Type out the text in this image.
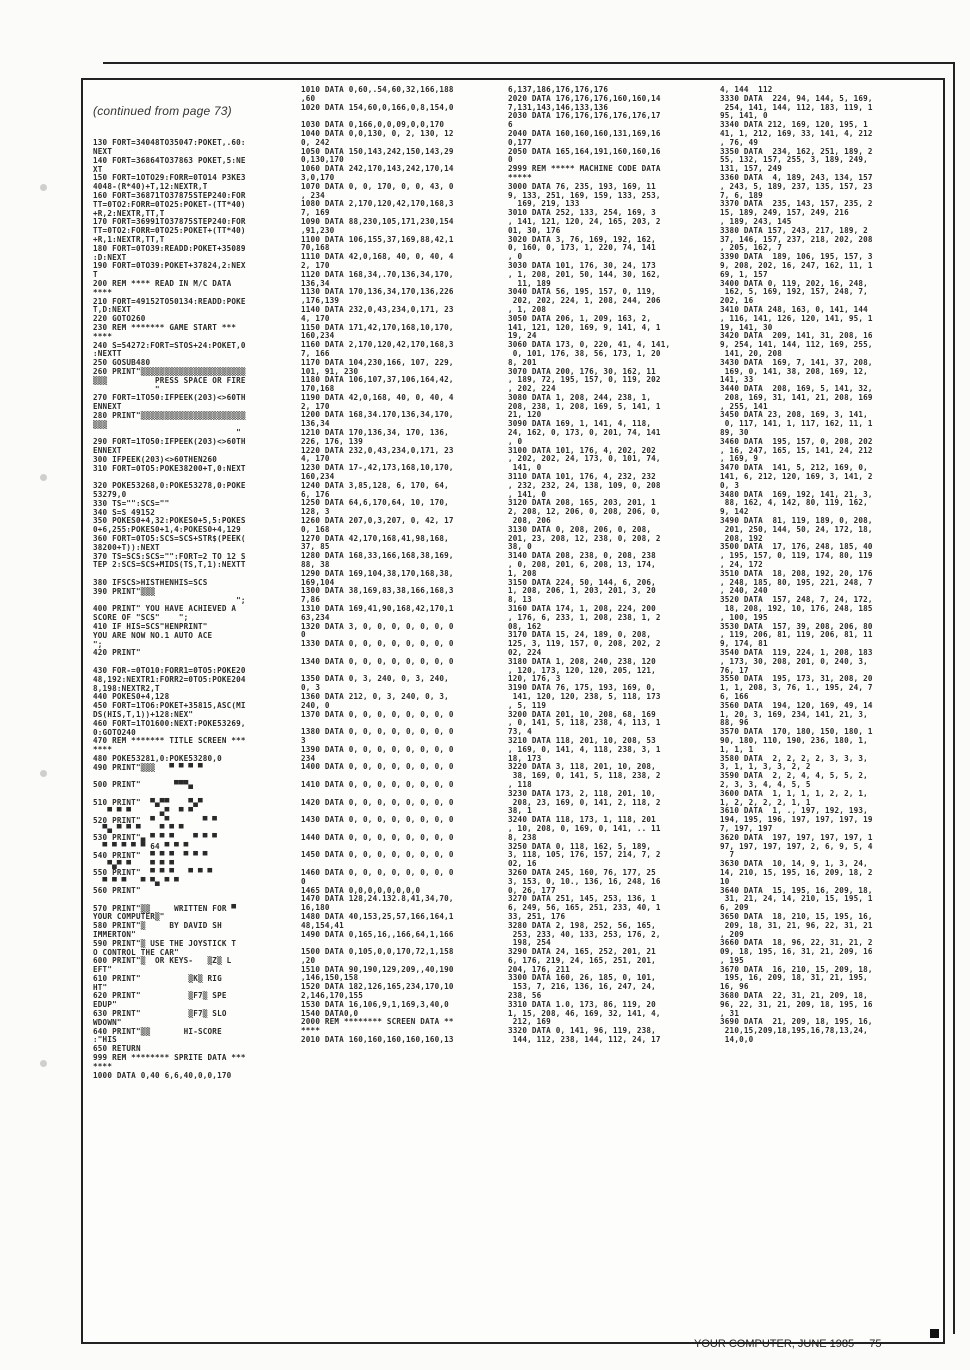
(continued from page 73)

130 FORT=34048TO35047:POKET,.60:
NEXT
140 FORT=36864TO37863 POKET,5:NE
XT
150 FORT=1OTO29:FORR=0TO14 P3KE3
4048-(R*40)+T,12:NEXTR,T
160 FORT=36871TO37875STEP240:FOR
TT=0TO2:FORR=0TO25:POKET-(TT*40)
+R,2:NEXTR,TT,T
170 FORT=36991TO37875STEP240:FOR
TT=0TO2:FORR=0TO25:POKET+(TT*40)
+R,1:NEXTR,TT,T
180 FORT=0TO39:READD:POKET+35089
:D:NEXT
190 FORT=0TO39:POKET+37824,2:NEX
T
200 REM **** READ IN M/C DATA
****
210 FORT=49152TO50134:READD:POKE
T,D:NEXT
220 GOTO260
230 REM ******* GAME START ***
****
240 S=54272:FORT=STOS+24:POKET,0
:NEXTT
250 GOSUB480
260 PRINT"▒▒▒▒▒▒▒▒▒▒▒▒▒▒▒▒▒▒▒▒▒▒
▒▒▒          PRESS SPACE OR FIRE
"
270 FORT=1TO50:IFPEEK(203)<>60TH
ENNEXT
280 PRINT"▒▒▒▒▒▒▒▒▒▒▒▒▒▒▒▒▒▒▒▒▒▒
▒▒▒
"
290 FORT=1TO50:IFPEEK(203)<>60TH
ENNEXT
300 IFPEEK(203)<>60THEN260
310 FORT=0TO5:POKE38200+T,0:NEXT

320 POKE53268,0:POKE53278,0:POKE
53279,0
330 TS="":SCS=""
340 S=S 49152
350 POKES0+4,32:POKES0+5,5:POKES
0+6,255:POKES0+1,4:POKES0+4,129
360 FORT=0TO5:SCS=SCS+STR$(PEEK(
38200+T)):NEXT
370 TS=SCS:SCS="":FORT=2 TO 12 S
TEP 2:SCS=SCS+MIDS(TS,T,1):NEXTT

380 IFSCS>HISTHENHIS=SCS
390 PRINT"▒▒▒
";
400 PRINT" YOU HAVE ACHIEVED A
SCORE OF "SCS"    ";
410 IF HIS=SCS"HENPRINT"
YOU ARE NOW NO.1 AUTO ACE
";
420 PRINT"

430 FOR-=0TO10:FORR1=0TO5:POKE20
48,192:NEXTR1:FORR2=0TO5:POKE204
8,198:NEXTR2,T
440 POKES0+4,128
450 FORT=1TO6:POKET+35815,ASC(MI
DS(HIS,T,1))+128:NEX"
460 FORT=1TO1600:NEXT:POKE53269,
0:GOTO240
470 REM ******* TITLE SCREEN ***
****
480 POKE53281,0:POKE53280,0
490 PRINT"▒▒▒   ▀ ▀ ▀ ▀

500 PRINT"       ▀▀▀▄

510 PRINT"  ▀▄▀▀    ▀▄▀
▀ ▀ ▀      ▄▀  ▀ ▀
520 PRINT"  ▀  ▀       ▀ ▀
▀▄ ▀ ▀ ▀    ▀ ▀ ▀
530 PRINT"▄ ▀ ▀ ▀    ▀ ▀ ▀
▀ ▀ ▀ ▀ ▀ 64 ▀ ▀ ▀
540 PRINT"  ▀ ▀ ▀  ▀ ▀ ▀
▀▄▀ ▀    ▀ ▀ ▀
550 PRINT"  ▀ ▀ ▀   ▀ ▀ ▀
▀ ▀ ▀   ▀ ▀▄ ▀ ▀
560 PRINT"

570 PRINT"▒▒     WRITTEN FOR ▀
YOUR COMPUTER▒"
580 PRINT"▒     BY DAVID SH
IMMERTON"
590 PRINT"▒ USE THE JOYSTICK T
O CONTROL THE CAR"
600 PRINT"▒  OR KEYS-   ▒Z▒ L
EFT"
610 PRINT"          ▒K▒ RIG
HT"
620 PRINT"          ▒F7▒ SPE
EDUP"
630 PRINT"          ▒F7▒ SLO
WDOWN"
640 PRINT"▒▒       HI-SCORE
:"HIS
650 RETURN
999 REM ******** SPRITE DATA ***
****
1000 DATA 0,40 6,6,40,0,0,170
1010 DATA 0,60,.54,60,32,166,188
,60
1020 DATA 154,60,0,166,0,8,154,0

1030 DATA 0,166,0,0,09,0,0,170
1040 DATA 0,0,130, 0, 2, 130, 12
0, 242
1050 DATA 150,143,242,150,143,29
0,130,170
1060 DATA 242,170,143,242,170,14
3,0,170
1070 DATA 0, 0, 170, 0, 0, 43, 0
, 234
1080 DATA 2,170,120,42,170,168,3
7, 169
1090 DATA 88,230,105,171,230,154
,91,230
1100 DATA 106,155,37,169,88,42,1
70,168
1110 DATA 42,0,168, 40, 0, 40, 4
2, 170
1120 DATA 168,34,.70,136,34,170,
136,34
1130 DATA 170,136,34,170,136,226
,176,139
1140 DATA 232,0,43,234,0,171, 23
4, 170
1150 DATA 171,42,170,168,10,170,
160,234
1160 DATA 2,170,120,42,170,168,3
7, 166
1170 DATA 104,230,166, 107, 229,
101, 91, 230
1180 DATA 106,107,37,106,164,42,
170,168
1190 DATA 42,0,168, 40, 0, 40, 4
2, 170
1200 DATA 168,34.170,136,34,170,
136,34
1210 DATA 170,136,34, 170, 136,
226, 176, 139
1220 DATA 232,0,43,234,0,171, 23
4, 170
1230 DATA 17-,42,173,168,10,170,
160,234
1240 DATA 3,85,128, 6, 170, 64,
6, 176
1250 DATA 64,6,170,64, 10, 170,
128, 3
1260 DATA 207,0,3,207, 0, 42, 17
0, 168
1270 DATA 42,170,168,41,98,168,
37, 85
1280 DATA 168,33,166,168,38,169,
88, 38
1290 DATA 169,104,38,170,168,38,
169,104
1300 DATA 38,169,83,38,166,168,3
7,86
1310 DATA 169,41,90,168,42,170,1
63,234
1320 DATA 3, 0, 0, 0, 0, 0, 0, 0
0
1330 DATA 0, 0, 0, 0, 0, 0, 0, 0

1340 DATA 0, 0, 0, 0, 0, 0, 0, 0

1350 DATA 0, 3, 240, 0, 3, 240,
0, 3
1360 DATA 212, 0, 3, 240, 0, 3,
240, 0
1370 DATA 0, 0, 0, 0, 0, 0, 0, 0

1380 DATA 0, 0, 0, 0, 0, 0, 0, 0
3
1390 DATA 0, 0, 0, 0, 0, 0, 0, 0
234
1400 DATA 0, 0, 0, 0, 0, 0, 0, 0

1410 DATA 0, 0, 0, 0, 0, 0, 0, 0

1420 DATA 0, 0, 0, 0, 0, 0, 0, 0

1430 DATA 0, 0, 0, 0, 0, 0, 0, 0

1440 DATA 0, 0, 0, 0, 0, 0, 0, 0

1450 DATA 0, 0, 0, 0, 0, 0, 0, 0

1460 DATA 0, 0, 0, 0, 0, 0, 0, 0
0
1465 DATA 0,0,0,0,0,0,0,0
1470 DATA 128,24.132.8,41,34,70,
16,180
1480 DATA 40,153,25,57,166,164,1
48,154,41
1490 DATA 0,165,16,,166,64,1,166

1500 DATA 0,105,0,0,170,72,1,158
,20
1510 DATA 90,190,129,209,,40,190
,146,150,158
1520 DATA 182,126,165,234,170,10
2,146,170,155
1530 DATA 16,106,9,1,169,3,40,0
1540 DATA0,0
2000 REM ******** SCREEN DATA **
****
2010 DATA 160,160,160,160,160,13
6,137,186,176,176,176
2020 DATA 176,176,176,160,160,14
7,131,143,146,133,136
2030 DATA 176,176,176,176,176,17
6
2040 DATA 160,160,160,131,169,16
0,177
2050 DATA 165,164,191,160,160,16
0
2999 REM ***** MACHINE CODE DATA
*****
3000 DATA 76, 235, 193, 169, 11
9, 133, 251, 169, 159, 133, 253,
169, 219, 133
3010 DATA 252, 133, 254, 169, 3
, 141, 121, 120, 24, 165, 203, 2
01, 30, 176
3020 DATA 3, 76, 169, 192, 162,
0, 160, 0, 173, 1, 220, 74, 141
, 0
3030 DATA 101, 176, 30, 24, 173
, 1, 208, 201, 50, 144, 30, 162,
11, 189
3040 DATA 56, 195, 157, 0, 119,
202, 202, 224, 1, 208, 244, 206
, 1, 208
3050 DATA 206, 1, 209, 163, 2,
141, 121, 120, 169, 9, 141, 4, 1
19, 24
3060 DATA 173, 0, 220, 41, 4, 141,
0, 101, 176, 38, 56, 173, 1, 20
8, 201
3070 DATA 200, 176, 30, 162, 11
, 189, 72, 195, 157, 0, 119, 202
, 202, 224
3080 DATA 1, 208, 244, 238, 1,
208, 238, 1, 208, 169, 5, 141, 1
21, 120
3090 DATA 169, 1, 141, 4, 118,
24, 162, 0, 173, 0, 201, 74, 141
, 0
3100 DATA 101, 176, 4, 202, 202
, 202, 202, 24, 173, 0, 101, 74,
141, 0
3110 DATA 101, 176, 4, 232, 232
, 232, 232, 24, 138, 109, 0, 208
, 141, 0
3120 DATA 208, 165, 203, 201, 1
2, 208, 12, 206, 0, 208, 206, 0,
208, 206
3130 DATA 0, 208, 206, 0, 208,
201, 23, 208, 12, 238, 0, 208, 2
38, 0
3140 DATA 208, 238, 0, 208, 238
, 0, 208, 201, 6, 208, 13, 174,
1, 208
3150 DATA 224, 50, 144, 6, 206,
1, 208, 206, 1, 203, 201, 3, 20
8, 13
3160 DATA 174, 1, 208, 224, 200
, 176, 6, 233, 1, 208, 238, 1, 2
08, 162
3170 DATA 15, 24, 189, 0, 208,
125, 3, 119, 157, 0, 208, 202, 2
02, 224
3180 DATA 1, 208, 240, 238, 120
, 120, 173, 120, 120, 205, 121,
120, 176, 3
3190 DATA 76, 175, 193, 169, 0,
141, 120, 120, 238, 5, 118, 173
, 5, 119
3200 DATA 201, 10, 208, 68, 169
, 0, 141, 5, 118, 238, 4, 113, 1
73, 4
3210 DATA 118, 201, 10, 208, 53
, 169, 0, 141, 4, 118, 238, 3, 1
18, 173
3220 DATA 3, 118, 201, 10, 208,
38, 169, 0, 141, 5, 118, 238, 2
, 118
3230 DATA 173, 2, 118, 201, 10,
208, 23, 169, 0, 141, 2, 118, 2
38, 1
3240 DATA 118, 173, 1, 118, 201
, 10, 208, 0, 169, 0, 141, .. 11
8, 238
3250 DATA 0, 118, 162, 5, 189,
3, 118, 105, 176, 157, 214, 7, 2
02, 16
3260 DATA 245, 160, 76, 177, 25
3, 153, 0, 10., 136, 16, 248, 16
0, 26, 177
3270 DATA 251, 145, 253, 136, 1
6, 249, 56, 165, 251, 233, 40, 1
33, 251, 176
3280 DATA 2, 198, 252, 56, 165,
253, 233, 40, 133, 253, 176, 2,
198, 254
3290 DATA 24, 165, 252, 201, 21
6, 176, 219, 24, 165, 251, 201,
204, 176, 211
3300 DATA 160, 26, 185, 0, 101,
153, 7, 216, 136, 16, 247, 24,
238, 56
3310 DATA 1.0, 173, 86, 119, 20
1, 15, 208, 46, 169, 32, 141, 4,
212, 169
3320 DATA 0, 141, 96, 119, 238,
144, 112, 238, 144, 112, 24, 17
4, 144  112
3330 DATA  224, 94, 144, 5, 169,
254, 141, 144, 112, 183, 119, 1
95, 141, 0
3340 DATA 212, 169, 120, 195, 1
41, 1, 212, 169, 33, 141, 4, 212
, 76, 49
3350 DATA  234, 162, 251, 189, 2
55, 132, 157, 255, 3, 189, 249,
131, 157, 249
3360 DATA  4, 189, 243, 134, 157
, 243, 5, 189, 237, 135, 157, 23
7, 6, 189
3370 DATA  235, 143, 157, 235, 2
15, 189, 249, 157, 249, 216
, 189, 243, 145
3380 DATA 157, 243, 217, 189, 2
37, 146, 157, 237, 218, 202, 208
, 205, 162, 7
3390 DATA  189, 106, 195, 157, 3
9, 208, 202, 16, 247, 162, 11, 1
69, 1, 157
3400 DATA 0, 119, 202, 16, 248,
162, 5, 169, 192, 157, 248, 7,
202, 16
3410 DATA 248, 163, 0, 141, 144
, 116, 141, 126, 120, 141, 95, 1
19, 141, 30
3420 DATA  209, 141, 31, 208, 16
9, 254, 141, 144, 112, 169, 255,
141, 20, 208
3430 DATA  169, 7, 141, 37, 208,
169, 0, 141, 38, 208, 169, 12,
141, 33
3440 DATA  208, 169, 5, 141, 32,
208, 169, 31, 141, 21, 208, 169
, 255, 141
3450 DATA 23, 208, 169, 3, 141,
0, 117, 141, 1, 117, 162, 11, 1
89, 30
3460 DATA  195, 157, 0, 208, 202
, 16, 247, 165, 15, 141, 24, 212
, 169, 9
3470 DATA  141, 5, 212, 169, 0,
141, 6, 212, 120, 169, 3, 141, 2
0, 3
3480 DATA  169, 192, 141, 21, 3,
88, 162, 4, 142, 80, 119, 162,
9, 142
3490 DATA  81, 119, 189, 0, 208,
201, 250, 144, 50, 24, 172, 18,
208, 192
3500 DATA  17, 176, 248, 185, 40
, 195, 157, 0, 119, 174, 80, 119
, 24, 172
3510 DATA  18, 208, 192, 20, 176
, 248, 185, 80, 195, 221, 248, 7
, 240, 240
3520 DATA  157, 248, 7, 24, 172,
18, 208, 192, 10, 176, 248, 185
, 100, 195
3530 DATA  157, 39, 208, 206, 80
, 119, 206, 81, 119, 206, 81, 11
9, 174, 81
3540 DATA  119, 224, 1, 208, 183
, 173, 30, 208, 201, 0, 240, 3,
76, 17
3550 DATA  195, 173, 31, 208, 20
1, 1, 208, 3, 76, 1., 195, 24, 7
6, 166
3560 DATA  194, 120, 169, 49, 14
1, 20, 3, 169, 234, 141, 21, 3,
88, 96
3570 DATA  170, 180, 150, 180, 1
90, 180, 110, 190, 236, 180, 1,
1, 1, 1
3580 DATA  2, 2, 2, 2, 3, 3, 3,
3, 1, 1, 3, 3, 2, 2
3590 DATA  2, 2, 4, 4, 5, 5, 2,
2, 3, 3, 4, 4, 5, 5
3600 DATA  1, 1, 1, 1, 2, 2, 1,
1, 2, 2, 2, 2, 1, 1
3610 DATA  1, ., 197, 192, 193,
194, 195, 196, 197, 197, 197, 19
7, 197, 197
3620 DATA  197, 197, 197, 197, 1
97, 197, 197, 197, 2, 6, 9, 5, 4
7
3630 DATA  10, 14, 9, 1, 3, 24,
14, 210, 15, 195, 16, 209, 18, 2
10
3640 DATA  15, 195, 16, 209, 18,
31, 21, 24, 14, 210, 15, 195, 1
6, 209
3650 DATA  18, 210, 15, 195, 16,
209, 18, 31, 21, 96, 22, 31, 21
, 209
3660 DATA  18, 96, 22, 31, 21, 2
09, 18, 195, 16, 31, 21, 209, 16
, 195
3670 DATA  16, 210, 15, 209, 18,
195, 16, 209, 18, 31, 21, 195,
16, 96
3680 DATA  22, 31, 21, 209, 18,
96, 22, 31, 21, 209, 18, 195, 16
, 31
3690 DATA  21, 209, 18, 195, 16,
210,15,209,18,195,16,78,13,24,
14,0,0
YOUR COMPUTER, JUNE 1985 75
